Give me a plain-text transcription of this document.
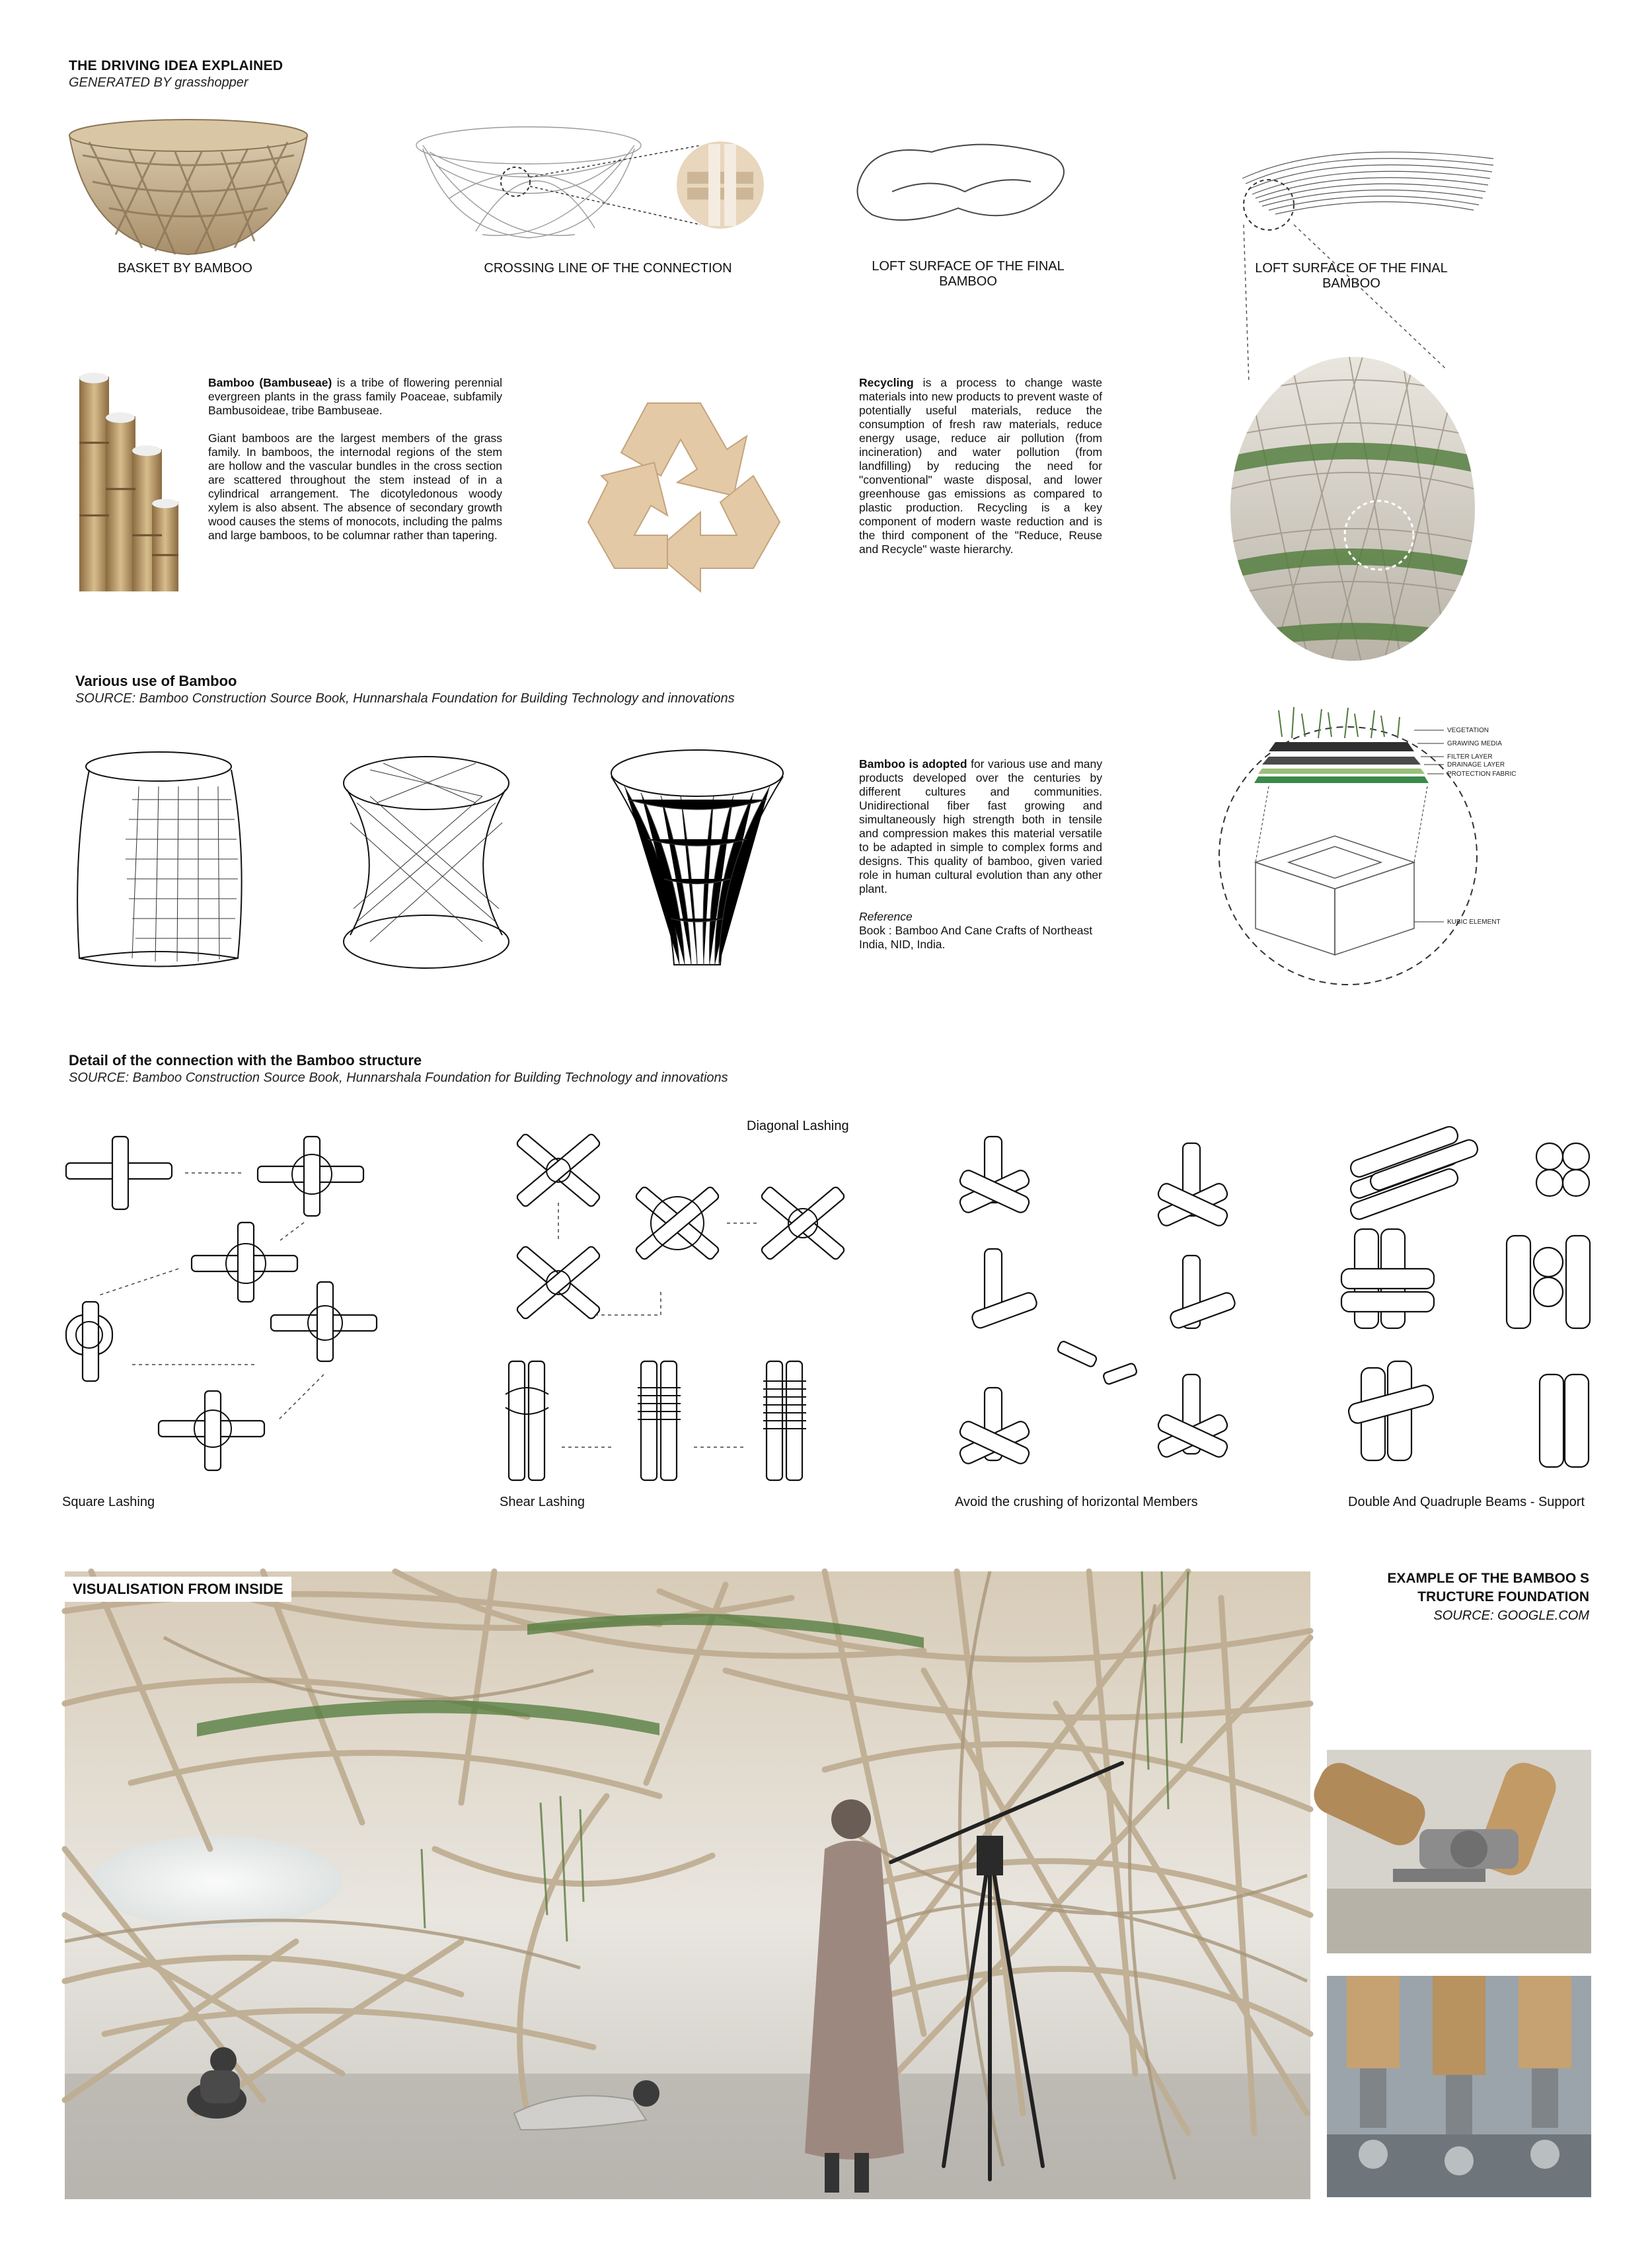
THE DRIVING IDEA EXPLAINED
GENERATED BY grasshopper
BASKET BY BAMBOO	CROSSING LINE OF THE CONNECTION	LOFT SURFACE OF THE FINAL BAMBOO
LOFT SURFACE OF THE FINAL BAMBOO

Bamboo (Bambuseae) is a tribe of flowering perennial evergreen plants in the grass family Poaceae, subfamily Bambusoideae, tribe Bambuseae.

Giant bamboos are the largest members of the grass family. In bamboos, the internodal regions of the stem are hollow and the vascular bundles in the cross section are scattered throughout the stem instead of in a cylindrical arrangement. The dicotyledonous woody xylem is also absent. The absence of secondary growth wood causes the stems of monocots, including the palms and large bamboos, to be columnar rather than tapering.

Recycling is a process to change waste materials into new products to prevent waste of potentially useful materials, reduce the consumption of fresh raw materials, reduce energy usage, reduce air pollution (from incineration) and water pollution (from landfilling) by reducing the need for "conventional" waste disposal, and lower greenhouse gas emissions as compared to plastic production. Recycling is a key component of modern waste reduction and is the third component of the "Reduce, Reuse and Recycle" waste hierarchy.

Various use of Bamboo
SOURCE: Bamboo Construction Source Book, Hunnarshala Foundation for Building Technology and innovations

Bamboo is adopted for various use and many products developed over the centuries by different cultures and communities. Unidirectional fiber fast growing and simultaneously high strength both in tensile and compression makes this material versatile to be adapted in simple to complex forms and designs. This quality of bamboo, given varied role in human cultural evolution than any other plant.

Reference
Book : Bamboo And Cane Crafts of Northeast India, NID, India.
VEGETATION
GRAWING MEDIA
FILTER LAYER
DRAINAGE LAYER
PROTECTION FABRIC
KUBIC ELEMENT
Detail of the connection with the Bamboo structure
SOURCE: Bamboo Construction Source Book, Hunnarshala Foundation for Building Technology and innovations
Square Lashing
Diagonal Lashing
Shear Lashing	Avoid the crushing of horizontal Members	Double And Quadruple Beams - Support
VISUALISATION FROM INSIDE
EXAMPLE OF THE BAMBOO S
TRUCTURE FOUNDATION
SOURCE: GOOGLE.COM
